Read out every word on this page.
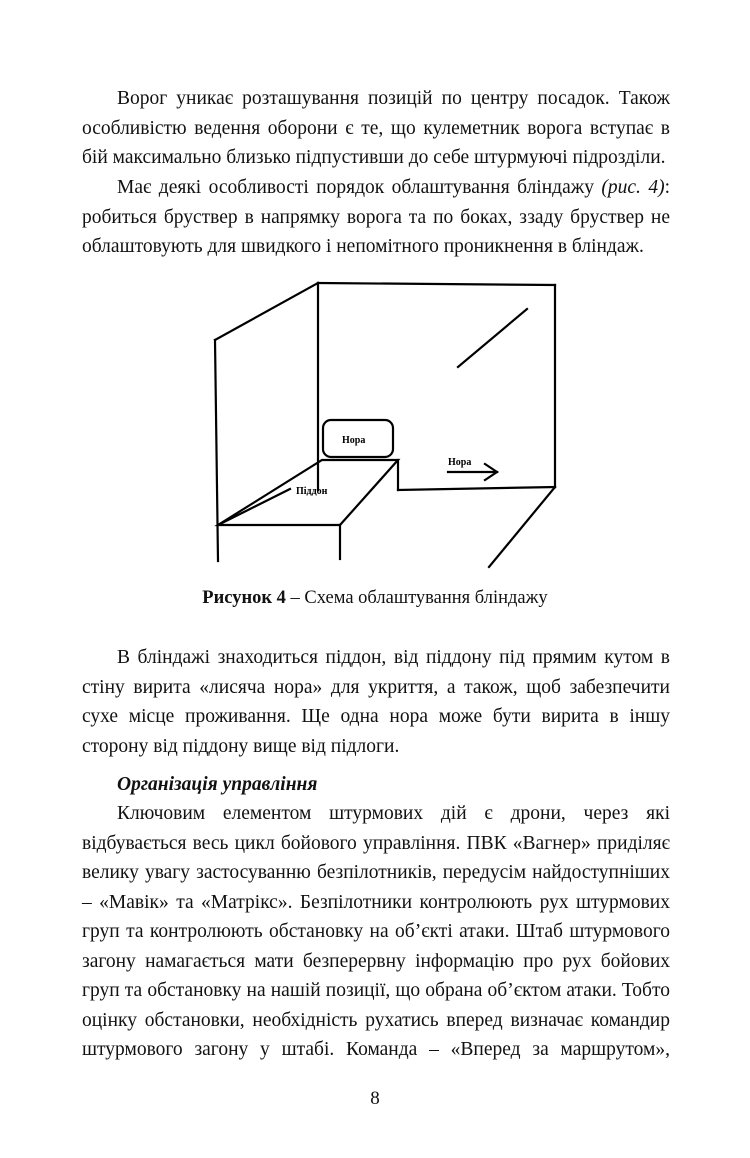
Ворог уникає розташування позицій по центру посадок. Також
особливістю ведення оборони є те, що кулеметник ворога вступає в
бій максимально близько підпустивши до себе штурмуючі підрозділи.
Має деякі особливості порядок облаштування бліндажу (рис. 4):
робиться бруствер в напрямку ворога та по боках, ззаду бруствер не
облаштовують для швидкого і непомітного проникнення в бліндаж.
Нора
Нора
Піддон
Рисунок 4 – Схема облаштування бліндажу
В бліндажі знаходиться піддон, від піддону під прямим кутом в
стіну вирита «лисяча нора» для укриття, а також, щоб забезпечити
сухе місце проживання. Ще одна нора може бути вирита в іншу
сторону від піддону вище від підлоги.
Організація управління
Ключовим елементом штурмових дій є дрони, через які
відбувається весь цикл бойового управління. ПВК «Вагнер» приділяє
велику увагу застосуванню безпілотників, передусім найдоступніших
– «Мавік» та «Матрікс». Безпілотники контролюють рух штурмових
груп та контролюють обстановку на об’єкті атаки. Штаб штурмового
загону намагається мати безперервну інформацію про рух бойових
груп та обстановку на нашій позиції, що обрана об’єктом атаки. Тобто
оцінку обстановки, необхідність рухатись вперед визначає командир
штурмового загону у штабі. Команда – «Вперед за маршрутом»,
8
